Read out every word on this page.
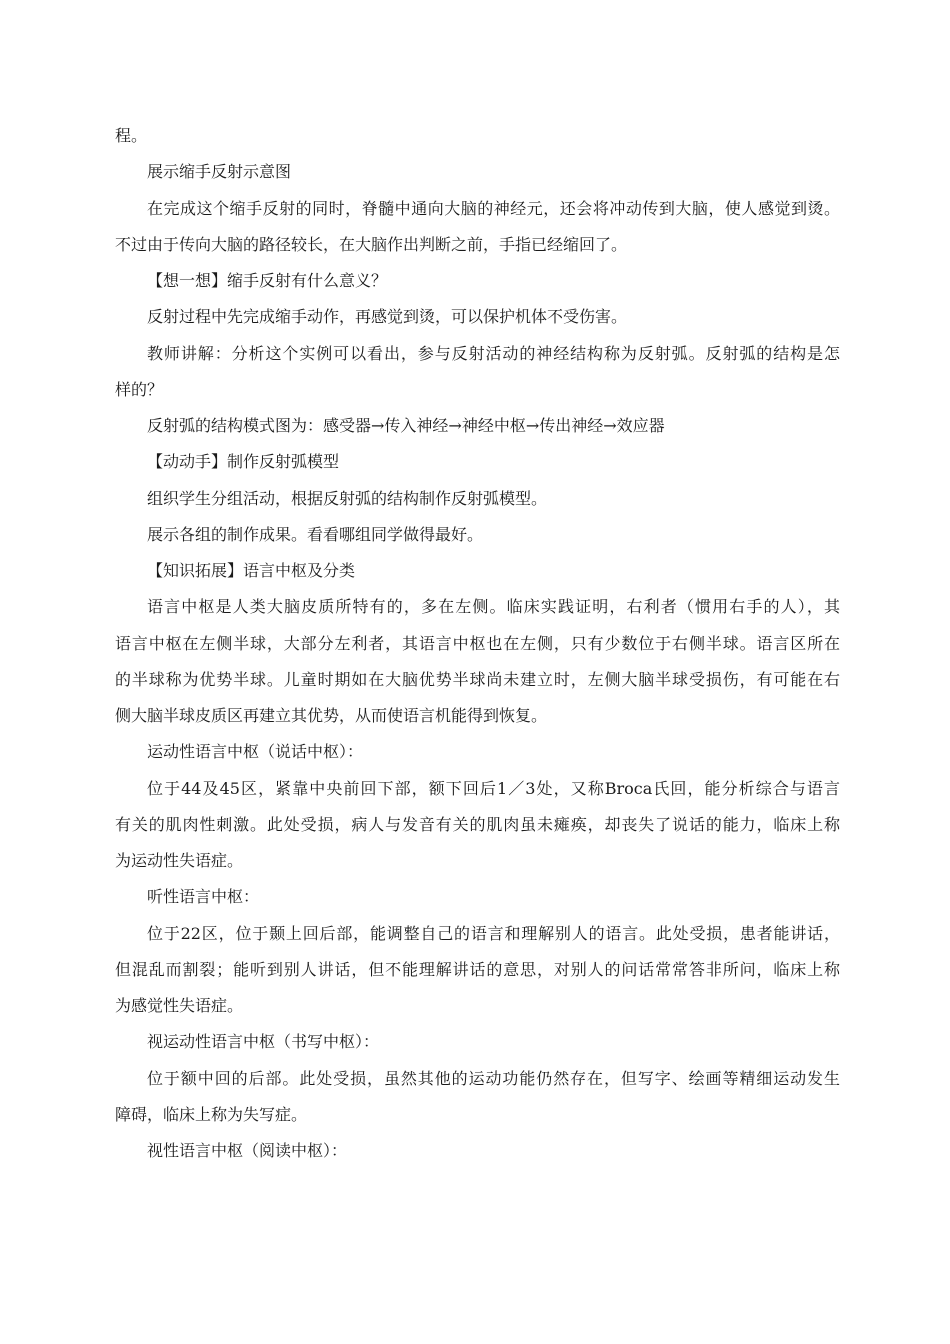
程。
展示缩手反射示意图
在完成这个缩手反射的同时，脊髓中通向大脑的神经元，还会将冲动传到大脑，使人感觉到烫。
不过由于传向大脑的路径较长，在大脑作出判断之前，手指已经缩回了。
【想一想】缩手反射有什么意义？
反射过程中先完成缩手动作，再感觉到烫，可以保护机体不受伤害。
教师讲解：分析这个实例可以看出，参与反射活动的神经结构称为反射弧。反射弧的结构是怎
样的？
反射弧的结构模式图为：感受器→传入神经→神经中枢→传出神经→效应器
【动动手】制作反射弧模型
组织学生分组活动，根据反射弧的结构制作反射弧模型。
展示各组的制作成果。看看哪组同学做得最好。
【知识拓展】语言中枢及分类
语言中枢是人类大脑皮质所特有的，多在左侧。临床实践证明，右利者（惯用右手的人），其
语言中枢在左侧半球，大部分左利者，其语言中枢也在左侧，只有少数位于右侧半球。语言区所在
的半球称为优势半球。儿童时期如在大脑优势半球尚未建立时，左侧大脑半球受损伤，有可能在右
侧大脑半球皮质区再建立其优势，从而使语言机能得到恢复。
运动性语言中枢（说话中枢）：
位于44及45区，紧靠中央前回下部，额下回后1／3处，又称Broca氏回，能分析综合与语言
有关的肌肉性刺激。此处受损，病人与发音有关的肌肉虽未瘫痪，却丧失了说话的能力，临床上称
为运动性失语症。
听性语言中枢：
位于22区，位于颞上回后部，能调整自己的语言和理解别人的语言。此处受损，患者能讲话，
但混乱而割裂；能听到别人讲话，但不能理解讲话的意思，对别人的问话常常答非所问，临床上称
为感觉性失语症。
视运动性语言中枢（书写中枢）：
位于额中回的后部。此处受损，虽然其他的运动功能仍然存在，但写字、绘画等精细运动发生
障碍，临床上称为失写症。
视性语言中枢（阅读中枢）：
